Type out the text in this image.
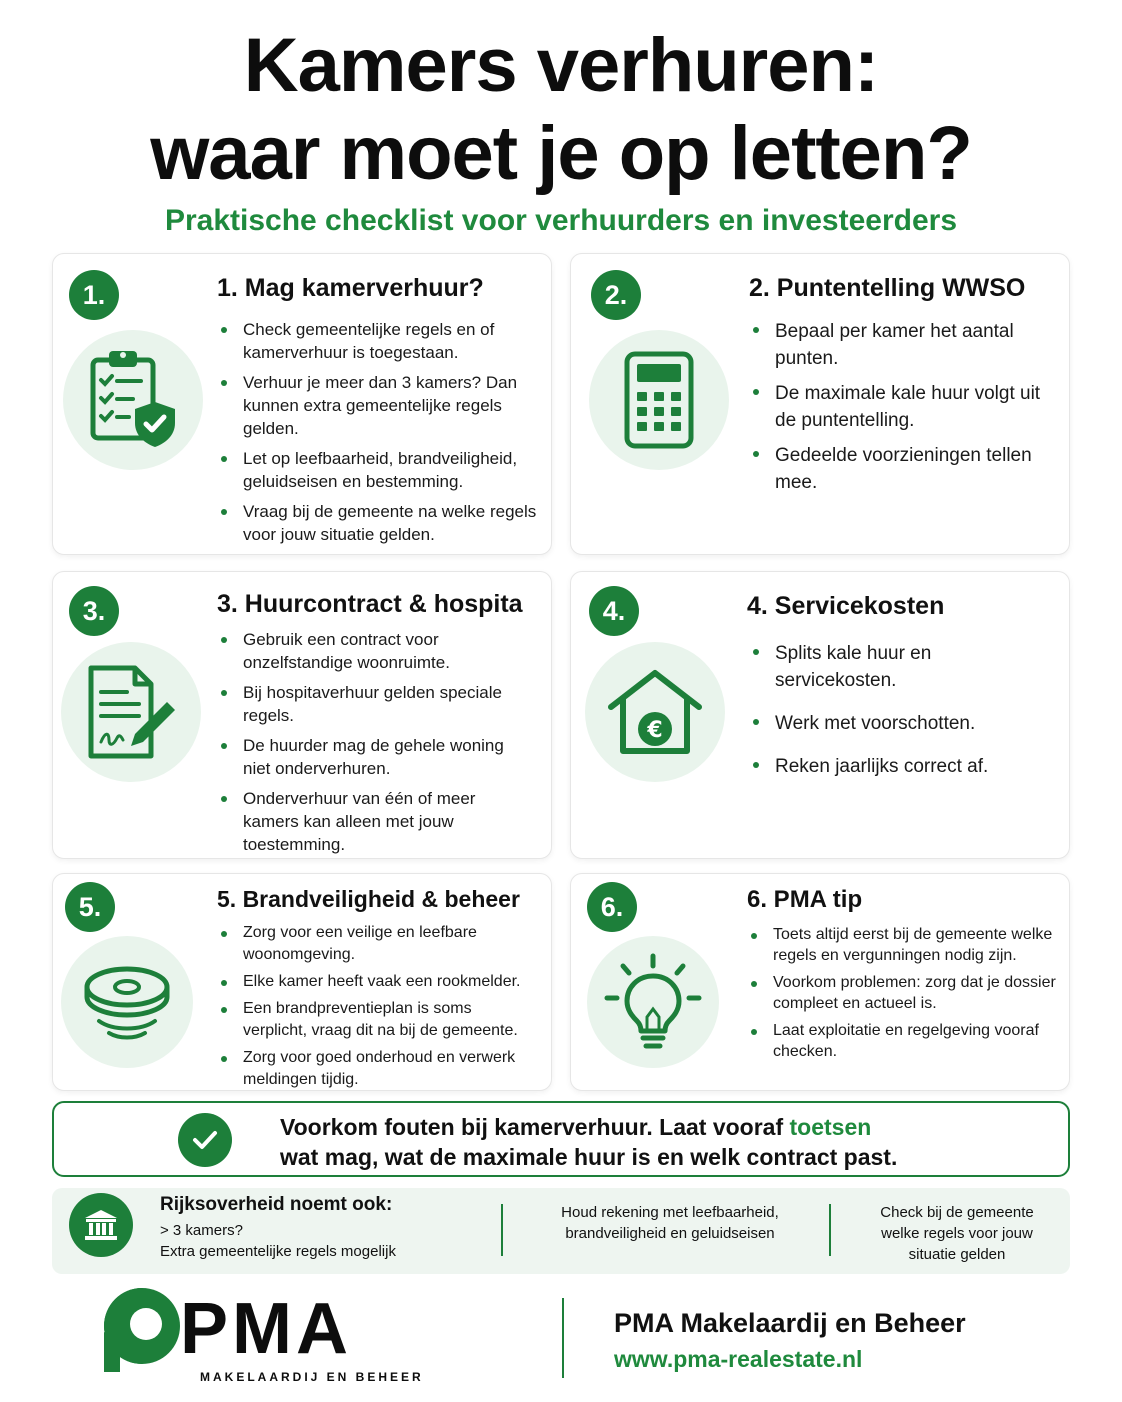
Kamers verhuren:
waar moet je op letten?
Praktische checklist voor verhuurders en investeerders
1.	1. Mag kamerverhuur?
Check gemeentelijke regels en of kamerverhuur is toegestaan.
Verhuur je meer dan 3 kamers? Dan kunnen extra gemeentelijke regels gelden.
Let op leefbaarheid, brandveiligheid, geluidseisen en bestemming.
Vraag bij de gemeente na welke regels voor jouw situatie gelden.
2.	2. Puntentelling WWSO
Bepaal per kamer het aantal punten.
De maximale kale huur volgt uit de puntentelling.
Gedeelde voorzieningen tellen mee.
3.	3. Huurcontract & hospita
Gebruik een contract voor onzelfstandige woonruimte.
Bij hospitaverhuur gelden speciale regels.
De huurder mag de gehele woning niet onderverhuren.
Onderverhuur van één of meer kamers kan alleen met jouw toestemming.
4.
€
4. Servicekosten
Splits kale huur en servicekosten.
Werk met voorschotten.
Reken jaarlijks correct af.
5.	5. Brandveiligheid & beheer
Zorg voor een veilige en leefbare woonomgeving.
Elke kamer heeft vaak een rookmelder.
Een brandpreventieplan is soms verplicht, vraag dit na bij de gemeente.
Zorg voor goed onderhoud en verwerk meldingen tijdig.
6.	6. PMA tip
Toets altijd eerst bij de gemeente welke regels en vergunningen nodig zijn.
Voorkom problemen: zorg dat je dossier compleet en actueel is.
Laat exploitatie en regelgeving vooraf checken.
Voorkom fouten bij kamerverhuur. Laat vooraf toetsen
wat mag, wat de maximale huur is en welk contract past.
Rijksoverheid noemt ook:
> 3 kamers?
Extra gemeentelijke regels mogelijk
Houd rekening met leefbaarheid, brandveiligheid en geluidseisen
Check bij de gemeente welke regels voor jouw situatie gelden
PMA
MAKELAARDIJ EN BEHEER
PMA Makelaardij en Beheer
www.pma-realestate.nl
